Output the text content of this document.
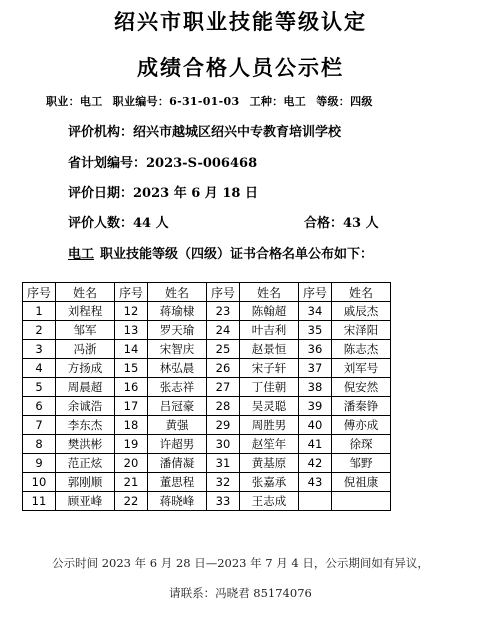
绍兴市职业技能等级认定
成绩合格人员公示栏
职业：电工 职业编号：6-31-01-03 工种：电工 等级：四级
评价机构：绍兴市越城区绍兴中专教育培训学校
省计划编号：2023-S-006468
评价日期：2023 年 6 月 18 日
评价人数：44 人	合格：43 人
电工 职业技能等级（四级）证书合格名单公布如下：
序号	姓名	序号	姓名	序号	姓名	序号	姓名
1	刘程程	12	蒋瑜棣	23	陈翰超	34	戚辰杰
2	邹军	13	罗天瑜	24	叶吉利	35	宋泽阳
3	冯浙	14	宋智庆	25	赵景恒	36	陈志杰
4	方扬成	15	林弘晨	26	宋子轩	37	刘军号
5	周晨超	16	张志祥	27	丁佳朝	38	倪安然
6	余诚浩	17	吕冠豪	28	吴灵聪	39	潘秦铮
7	李东杰	18	黄强	29	周胜男	40	傅亦成
8	樊洪彬	19	许超男	30	赵笙年	41	徐琛
9	范正炫	20	潘倩凝	31	黄基原	42	邹野
10	郭刚顺	21	董思程	32	张嘉承	43	倪祖康
11	顾亚峰	22	蒋晓峰	33	王志成		
公示时间 2023 年 6 月 28 日—2023 年 7 月 4 日，公示期间如有异议，
请联系：冯晓君 85174076
